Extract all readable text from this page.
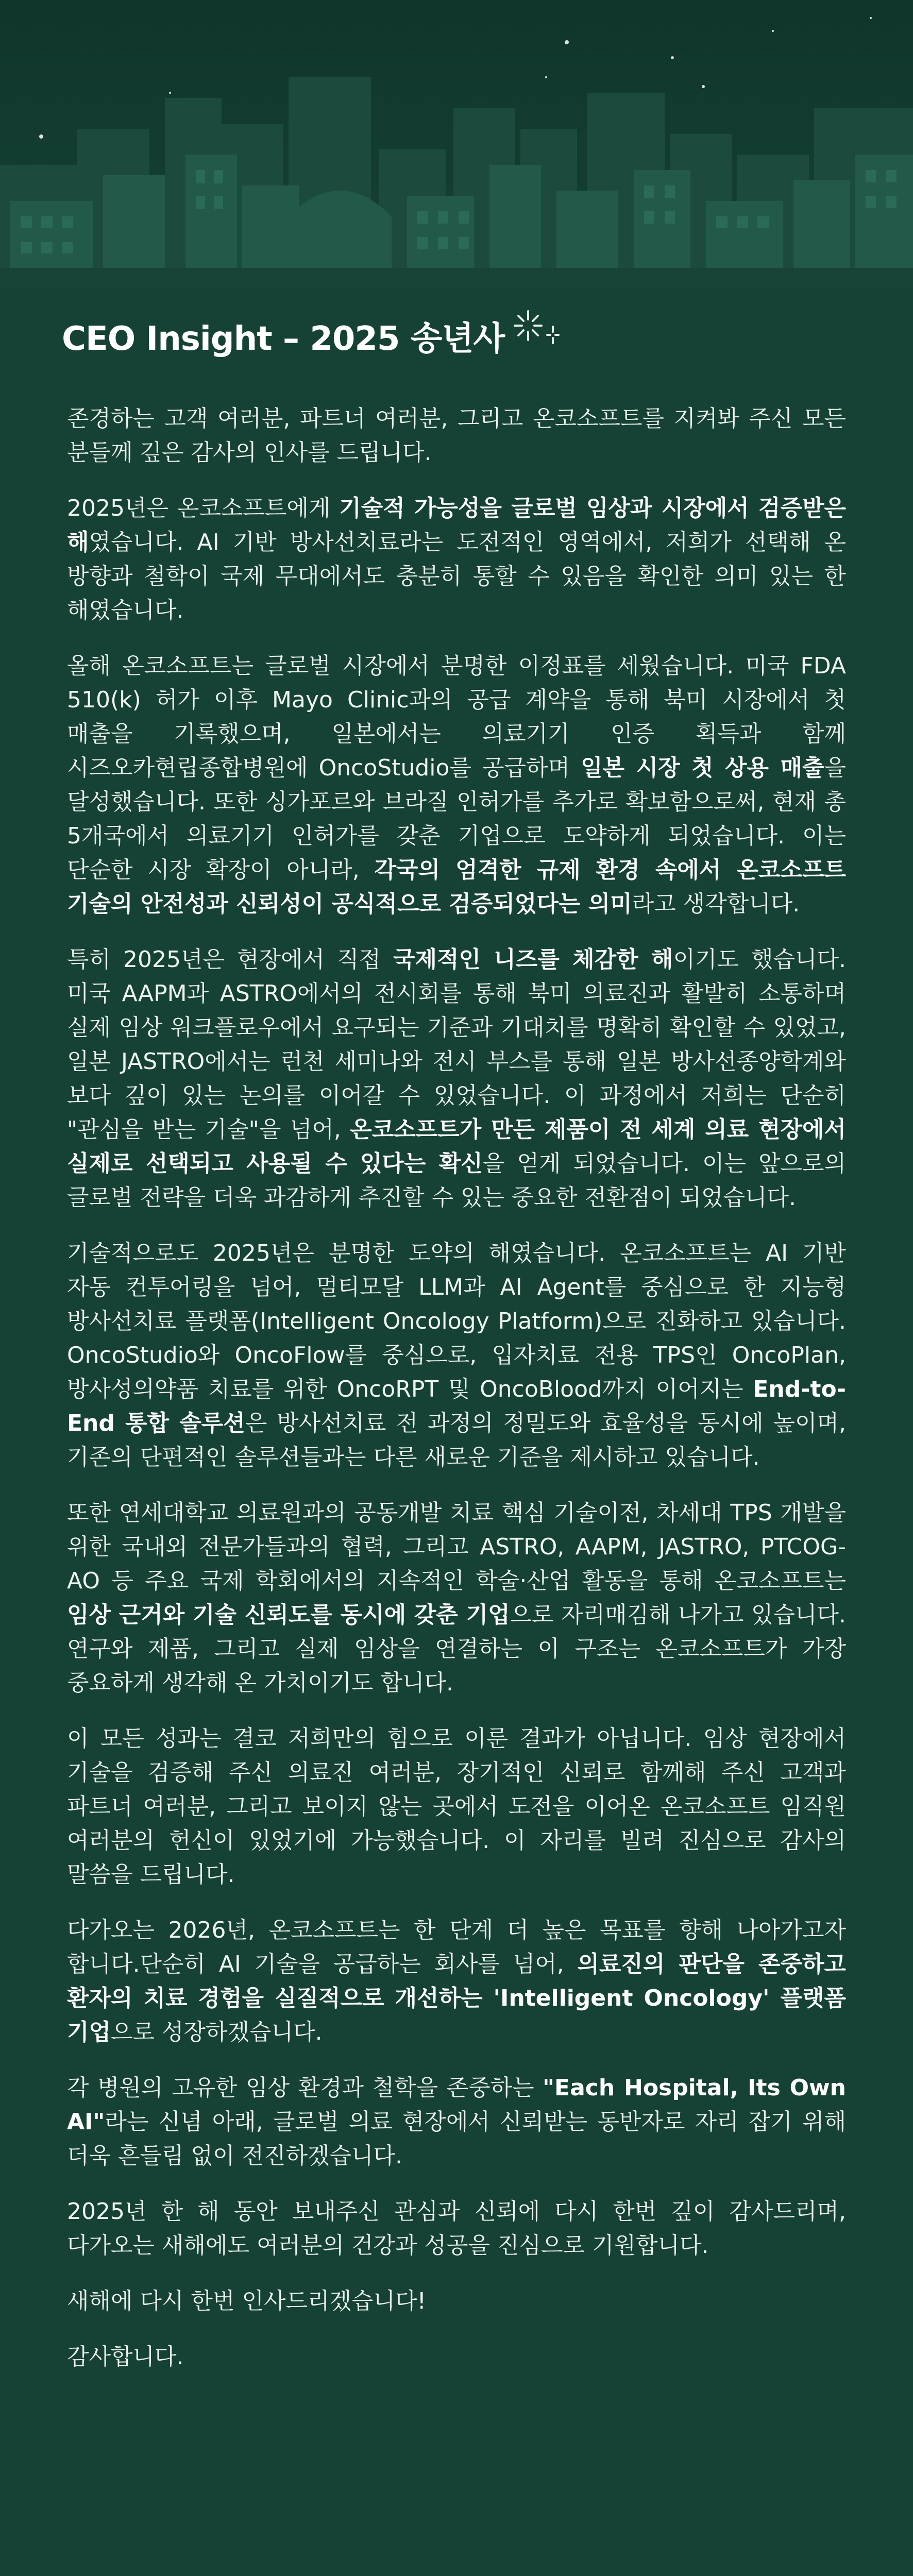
CEO Insight – 2025 송년사

존경하는 고객 여러분, 파트너 여러분, 그리고 온코소프트를 지켜봐 주신 모든 분들께 깊은 감사의 인사를 드립니다.

2025년은 온코소프트에게 기술적 가능성을 글로벌 임상과 시장에서 검증받은 해였습니다. AI 기반 방사선치료라는 도전적인 영역에서, 저희가 선택해 온 방향과 철학이 국제 무대에서도 충분히 통할 수 있음을 확인한 의미 있는 한 해였습니다.

올해 온코소프트는 글로벌 시장에서 분명한 이정표를 세웠습니다. 미국 FDA 510(k) 허가 이후 Mayo Clinic과의 공급 계약을 통해 북미 시장에서 첫 매출을 기록했으며, 일본에서는 의료기기 인증 획득과 함께 시즈오카현립종합병원에 OncoStudio를 공급하며 일본 시장 첫 상용 매출을 달성했습니다. 또한 싱가포르와 브라질 인허가를 추가로 확보함으로써, 현재 총 5개국에서 의료기기 인허가를 갖춘 기업으로 도약하게 되었습니다. 이는 단순한 시장 확장이 아니라, 각국의 엄격한 규제 환경 속에서 온코소프트 기술의 안전성과 신뢰성이 공식적으로 검증되었다는 의미라고 생각합니다.

특히 2025년은 현장에서 직접 국제적인 니즈를 체감한 해이기도 했습니다. 미국 AAPM과 ASTRO에서의 전시회를 통해 북미 의료진과 활발히 소통하며 실제 임상 워크플로우에서 요구되는 기준과 기대치를 명확히 확인할 수 있었고, 일본 JASTRO에서는 런천 세미나와 전시 부스를 통해 일본 방사선종양학계와 보다 깊이 있는 논의를 이어갈 수 있었습니다. 이 과정에서 저희는 단순히 "관심을 받는 기술"을 넘어, 온코소프트가 만든 제품이 전 세계 의료 현장에서 실제로 선택되고 사용될 수 있다는 확신을 얻게 되었습니다. 이는 앞으로의 글로벌 전략을 더욱 과감하게 추진할 수 있는 중요한 전환점이 되었습니다.

기술적으로도 2025년은 분명한 도약의 해였습니다. 온코소프트는 AI 기반 자동 컨투어링을 넘어, 멀티모달 LLM과 AI Agent를 중심으로 한 지능형 방사선치료 플랫폼(Intelligent Oncology Platform)으로 진화하고 있습니다. OncoStudio와 OncoFlow를 중심으로, 입자치료 전용 TPS인 OncoPlan, 방사성의약품 치료를 위한 OncoRPT 및 OncoBlood까지 이어지는 End-to-End 통합 솔루션은 방사선치료 전 과정의 정밀도와 효율성을 동시에 높이며, 기존의 단편적인 솔루션들과는 다른 새로운 기준을 제시하고 있습니다.

또한 연세대학교 의료원과의 공동개발 치료 핵심 기술이전, 차세대 TPS 개발을 위한 국내외 전문가들과의 협력, 그리고 ASTRO, AAPM, JASTRO, PTCOG-AO 등 주요 국제 학회에서의 지속적인 학술·산업 활동을 통해 온코소프트는 임상 근거와 기술 신뢰도를 동시에 갖춘 기업으로 자리매김해 나가고 있습니다. 연구와 제품, 그리고 실제 임상을 연결하는 이 구조는 온코소프트가 가장 중요하게 생각해 온 가치이기도 합니다.

이 모든 성과는 결코 저희만의 힘으로 이룬 결과가 아닙니다. 임상 현장에서 기술을 검증해 주신 의료진 여러분, 장기적인 신뢰로 함께해 주신 고객과 파트너 여러분, 그리고 보이지 않는 곳에서 도전을 이어온 온코소프트 임직원 여러분의 헌신이 있었기에 가능했습니다. 이 자리를 빌려 진심으로 감사의 말씀을 드립니다.

다가오는 2026년, 온코소프트는 한 단계 더 높은 목표를 향해 나아가고자 합니다.단순히 AI 기술을 공급하는 회사를 넘어, 의료진의 판단을 존중하고 환자의 치료 경험을 실질적으로 개선하는 'Intelligent Oncology' 플랫폼 기업으로 성장하겠습니다.

각 병원의 고유한 임상 환경과 철학을 존중하는 "Each Hospital, Its Own AI"라는 신념 아래, 글로벌 의료 현장에서 신뢰받는 동반자로 자리 잡기 위해 더욱 흔들림 없이 전진하겠습니다.

2025년 한 해 동안 보내주신 관심과 신뢰에 다시 한번 깊이 감사드리며, 다가오는 새해에도 여러분의 건강과 성공을 진심으로 기원합니다.

새해에 다시 한번 인사드리겠습니다!

감사합니다.
